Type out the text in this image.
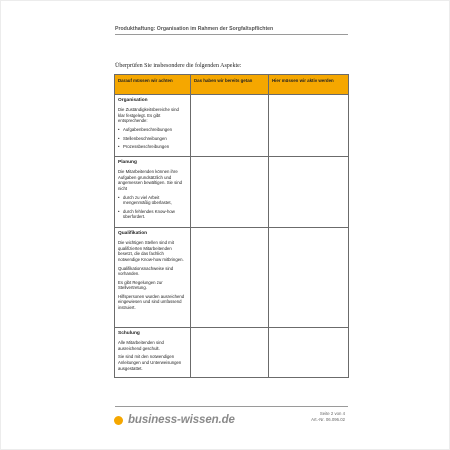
Produkthaftung: Organisation im Rahmen der Sorgfaltspflichten
Überprüfen Sie insbesondere die folgenden Aspekte:
Darauf müssen wir achten	Das haben wir bereits getan	Hier müssen wir aktiv werden

Organisation
Die Zuständigkeitsbereiche sind klar festgelegt. Es gibt entsprechende:
• Aufgabenbeschreibungen
• Stellenbeschreibungen
• Prozessbeschreibungen

Planung
Die Mitarbeitenden können ihre Aufgaben grundsätzlich und angemessen bewältigen. Sie sind nicht
• durch zu viel Arbeit mengenmäßig überlastet,
• durch fehlendes Know-how überfordert.

Qualifikation
Die wichtigen Stellen sind mit qualifizierten Mitarbeitenden besetzt, die das fachlich notwendige Know-how mitbringen.
Qualifikationsnachweise sind vorhanden.
Es gibt Regelungen zur Stellvertretung.
Hilfspersonen wurden ausreichend eingewiesen und sind umfassend instruiert.		

Schulung
Alle Mitarbeitenden sind ausreichend geschult.
Sie sind mit den notwendigen Anleitungen und Unterweisungen ausgestattet.		

business-wissen.de
Seite 2 von 4
Art.-Nr. 06.096.02
